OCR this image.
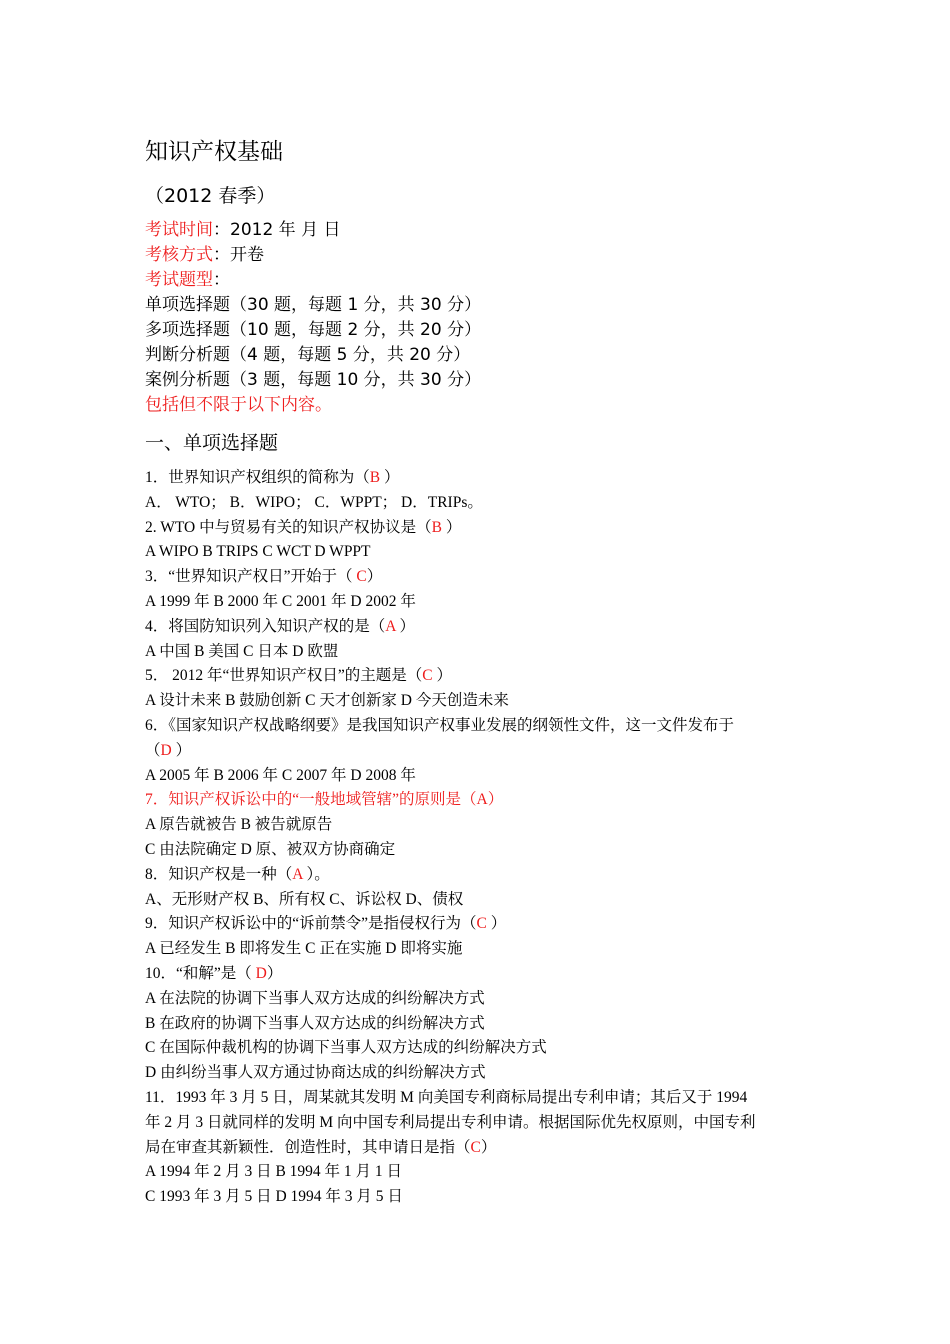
知识产权基础
（2012 春季）

考试时间：2012 年 月 日

考核方式：开卷

考试题型：

单项选择题（30 题，每题 1 分，共 30 分）

多项选择题（10 题，每题 2 分，共 20 分）

判断分析题（4 题，每题 5 分，共 20 分）

案例分析题（3 题，每题 10 分，共 30 分）

包括但不限于以下内容。

一、单项选择题

1．世界知识产权组织的简称为（B ）

A． WTO； B．WIPO； C．WPPT； D．TRIPs。

2. WTO 中与贸易有关的知识产权协议是（B ）

A WIPO B TRIPS C WCT D WPPT

3．“世界知识产权日”开始于（ C）

A 1999 年 B 2000 年 C 2001 年 D 2002 年

4．将国防知识列入知识产权的是（A ）

A 中国 B 美国 C 日本 D 欧盟

5． 2012 年“世界知识产权日”的主题是（C ）

A 设计未来 B 鼓励创新 C 天才创新家 D 今天创造未来

6．《国家知识产权战略纲要》是我国知识产权事业发展的纲领性文件，这一文件发布于

（D ）

A 2005 年 B 2006 年 C 2007 年 D 2008 年

7．知识产权诉讼中的“一般地域管辖”的原则是（A）

A 原告就被告 B 被告就原告

C 由法院确定 D 原、被双方协商确定

8．知识产权是一种（A ）。

A、无形财产权 B、所有权 C、诉讼权 D、债权

9．知识产权诉讼中的“诉前禁令”是指侵权行为（C ）

A 已经发生 B 即将发生 C 正在实施 D 即将实施

10．“和解”是（ D）

A 在法院的协调下当事人双方达成的纠纷解决方式

B 在政府的协调下当事人双方达成的纠纷解决方式

C 在国际仲裁机构的协调下当事人双方达成的纠纷解决方式

D 由纠纷当事人双方通过协商达成的纠纷解决方式

11．1993 年 3 月 5 日，周某就其发明 M 向美国专利商标局提出专利申请；其后又于 1994

年 2 月 3 日就同样的发明 M 向中国专利局提出专利申请。根据国际优先权原则，中国专利

局在审查其新颖性．创造性时，其申请日是指（C）

A 1994 年 2 月 3 日 B 1994 年 1 月 1 日

C 1993 年 3 月 5 日 D 1994 年 3 月 5 日
